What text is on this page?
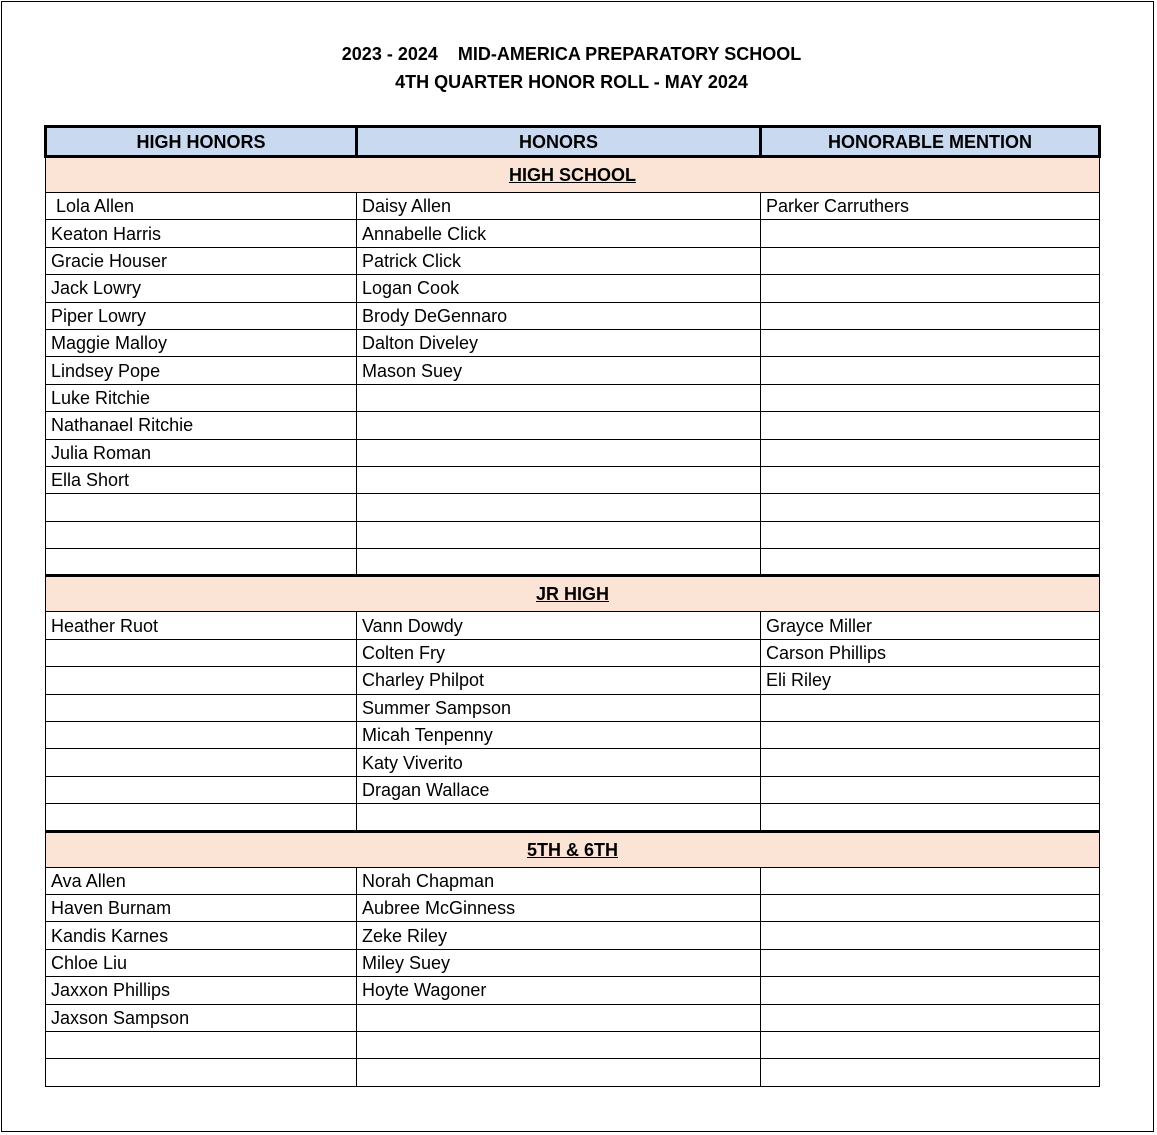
2023 - 2024    MID-AMERICA PREPARATORY SCHOOL
4TH QUARTER HONOR ROLL - MAY 2024
HIGH HONORS	HONORS	HONORABLE MENTION
HIGH SCHOOL		
Lola Allen	Daisy Allen	Parker Carruthers
Keaton Harris	Annabelle Click	
Gracie Houser	Patrick Click	
Jack Lowry	Logan Cook	
Piper Lowry	Brody DeGennaro	
Maggie Malloy	Dalton Diveley	
Lindsey Pope	Mason Suey	
Luke Ritchie		
Nathanael Ritchie		
Julia Roman		
Ella Short		

JR HIGH		
Heather Ruot	Vann Dowdy	Grayce Miller
	Colten Fry	Carson Phillips
	Charley Philpot	Eli Riley
	Summer Sampson	
	Micah Tenpenny	
	Katy Viverito	
	Dragan Wallace	

5TH & 6TH		
Ava Allen	Norah Chapman	
Haven Burnam	Aubree McGinness	
Kandis Karnes	Zeke Riley	
Chloe Liu	Miley Suey	
Jaxxon Phillips	Hoyte Wagoner	
Jaxson Sampson		
